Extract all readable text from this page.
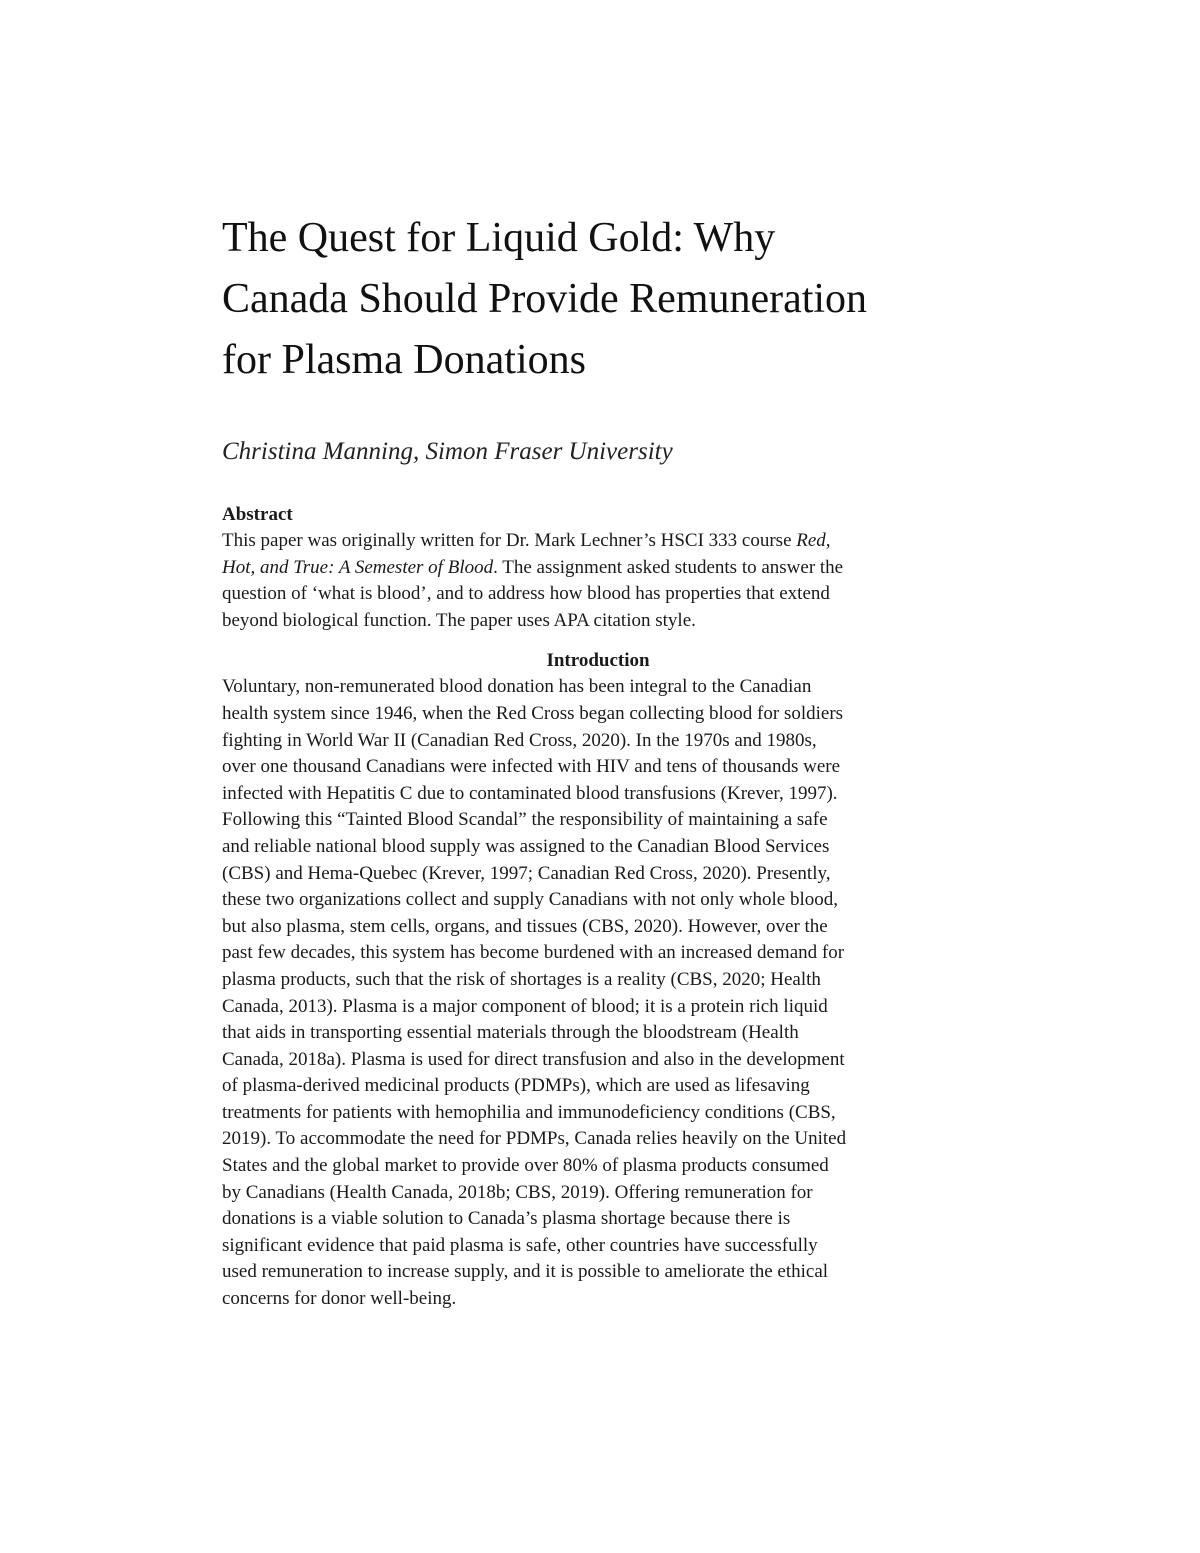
The Quest for Liquid Gold: Why
Canada Should Provide Remuneration
for Plasma Donations

Christina Manning, Simon Fraser University

Abstract

This paper was originally written for Dr. Mark Lechner’s HSCI 333 course Red,
Hot, and True: A Semester of Blood. The assignment asked students to answer the
question of ‘what is blood’, and to address how blood has properties that extend
beyond biological function. The paper uses APA citation style.

Introduction

Voluntary, non-remunerated blood donation has been integral to the Canadian
health system since 1946, when the Red Cross began collecting blood for soldiers
fighting in World War II (Canadian Red Cross, 2020). In the 1970s and 1980s,
over one thousand Canadians were infected with HIV and tens of thousands were
infected with Hepatitis C due to contaminated blood transfusions (Krever, 1997).
Following this “Tainted Blood Scandal” the responsibility of maintaining a safe
and reliable national blood supply was assigned to the Canadian Blood Services
(CBS) and Hema-Quebec (Krever, 1997; Canadian Red Cross, 2020). Presently,
these two organizations collect and supply Canadians with not only whole blood,
but also plasma, stem cells, organs, and tissues (CBS, 2020). However, over the
past few decades, this system has become burdened with an increased demand for
plasma products, such that the risk of shortages is a reality (CBS, 2020; Health
Canada, 2013). Plasma is a major component of blood; it is a protein rich liquid
that aids in transporting essential materials through the bloodstream (Health
Canada, 2018a). Plasma is used for direct transfusion and also in the development
of plasma-derived medicinal products (PDMPs), which are used as lifesaving
treatments for patients with hemophilia and immunodeficiency conditions (CBS,
2019). To accommodate the need for PDMPs, Canada relies heavily on the United
States and the global market to provide over 80% of plasma products consumed
by Canadians (Health Canada, 2018b; CBS, 2019). Offering remuneration for
donations is a viable solution to Canada’s plasma shortage because there is
significant evidence that paid plasma is safe, other countries have successfully
used remuneration to increase supply, and it is possible to ameliorate the ethical
concerns for donor well-being.
